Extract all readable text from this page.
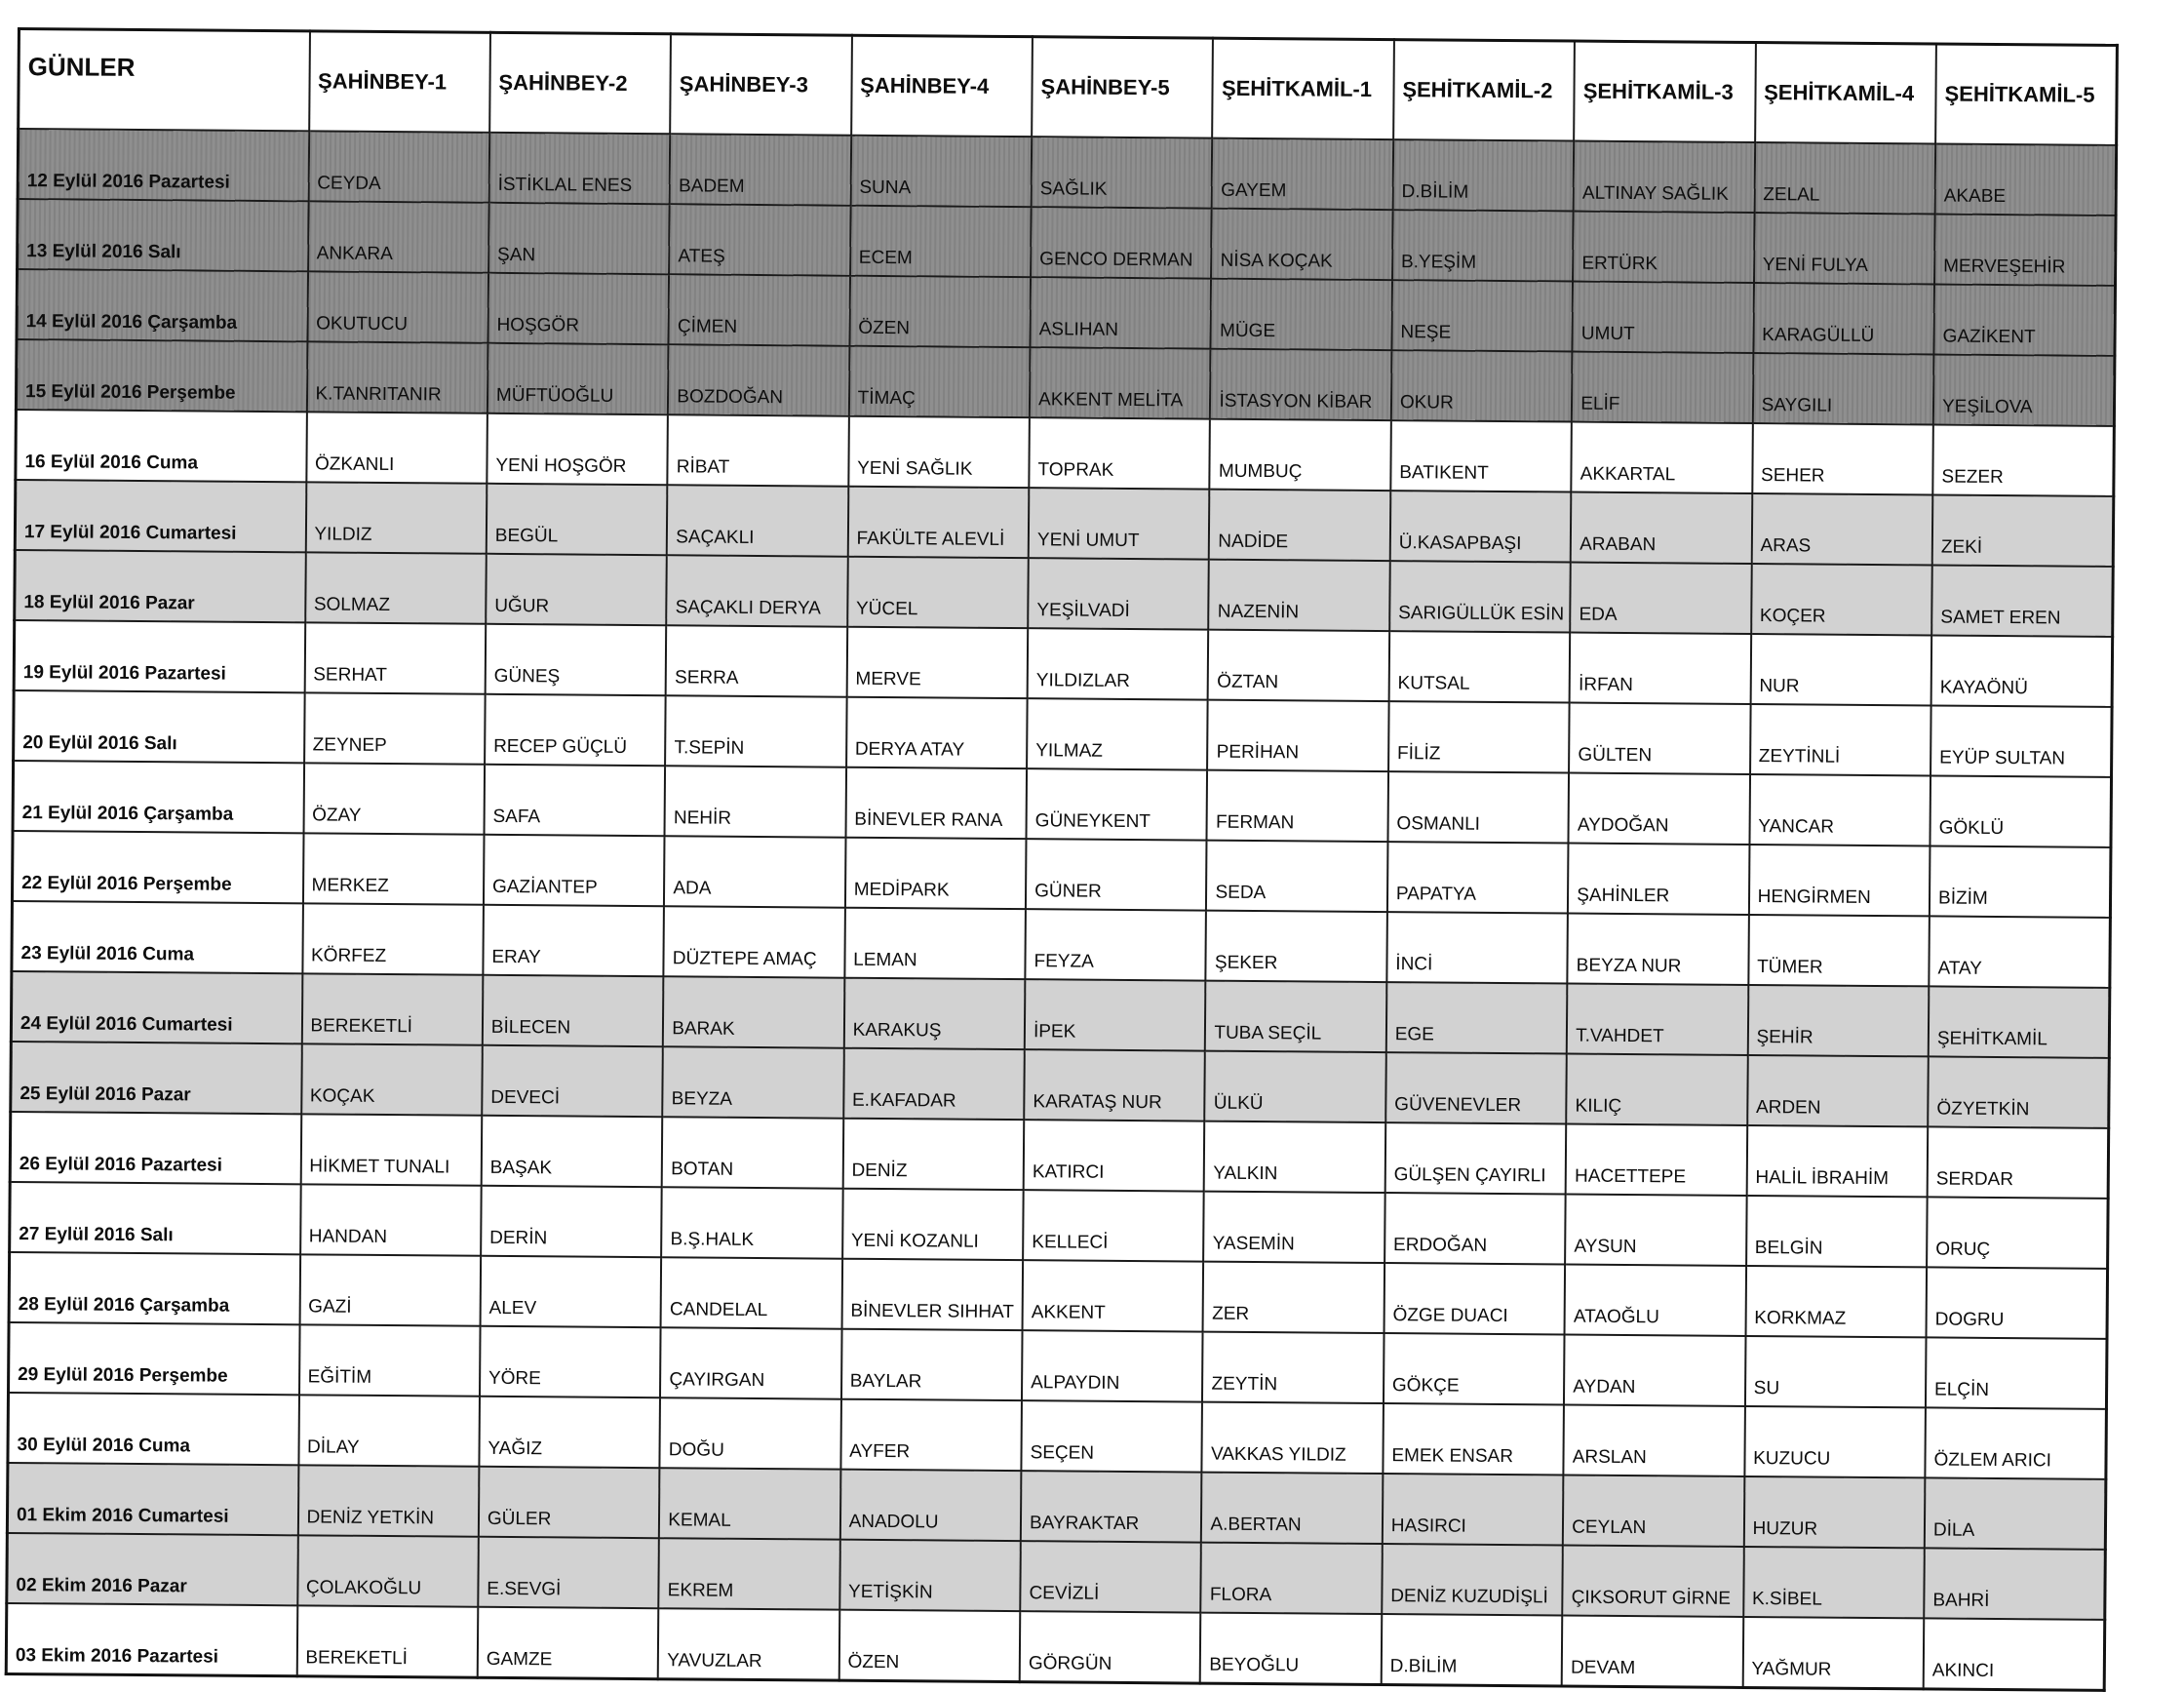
GÜNLER	ŞAHİNBEY-1	ŞAHİNBEY-2	ŞAHİNBEY-3	ŞAHİNBEY-4	ŞAHİNBEY-5	ŞEHİTKAMİL-1	ŞEHİTKAMİL-2	ŞEHİTKAMİL-3	ŞEHİTKAMİL-4	ŞEHİTKAMİL-5
12 Eylül 2016 Pazartesi	CEYDA	İSTİKLAL ENES	BADEM	SUNA	SAĞLIK	GAYEM	D.BİLİM	ALTINAY SAĞLIK	ZELAL	AKABE
13 Eylül 2016 Salı	ANKARA	ŞAN	ATEŞ	ECEM	GENCO DERMAN	NİSA KOÇAK	B.YEŞİM	ERTÜRK	YENİ FULYA	MERVEŞEHİR
14 Eylül 2016 Çarşamba	OKUTUCU	HOŞGÖR	ÇİMEN	ÖZEN	ASLIHAN	MÜGE	NEŞE	UMUT	KARAGÜLLÜ	GAZİKENT
15 Eylül 2016 Perşembe	K.TANRITANIR	MÜFTÜOĞLU	BOZDOĞAN	TİMAÇ	AKKENT MELİTA	İSTASYON KİBAR	OKUR	ELİF	SAYGILI	YEŞİLOVA
16 Eylül 2016 Cuma	ÖZKANLI	YENİ HOŞGÖR	RİBAT	YENİ SAĞLIK	TOPRAK	MUMBUÇ	BATIKENT	AKKARTAL	SEHER	SEZER
17 Eylül 2016 Cumartesi	YILDIZ	BEGÜL	SAÇAKLI	FAKÜLTE ALEVLİ	YENİ UMUT	NADİDE	Ü.KASAPBAŞI	ARABAN	ARAS	ZEKİ
18 Eylül 2016 Pazar	SOLMAZ	UĞUR	SAÇAKLI DERYA	YÜCEL	YEŞİLVADİ	NAZENİN	SARIGÜLLÜK ESİN	EDA	KOÇER	SAMET EREN
19 Eylül 2016 Pazartesi	SERHAT	GÜNEŞ	SERRA	MERVE	YILDIZLAR	ÖZTAN	KUTSAL	İRFAN	NUR	KAYAÖNÜ
20 Eylül 2016 Salı	ZEYNEP	RECEP GÜÇLÜ	T.SEPİN	DERYA ATAY	YILMAZ	PERİHAN	FİLİZ	GÜLTEN	ZEYTİNLİ	EYÜP SULTAN
21 Eylül 2016 Çarşamba	ÖZAY	SAFA	NEHİR	BİNEVLER RANA	GÜNEYKENT	FERMAN	OSMANLI	AYDOĞAN	YANCAR	GÖKLÜ
22 Eylül 2016 Perşembe	MERKEZ	GAZİANTEP	ADA	MEDİPARK	GÜNER	SEDA	PAPATYA	ŞAHİNLER	HENGİRMEN	BİZİM
23 Eylül 2016 Cuma	KÖRFEZ	ERAY	DÜZTEPE AMAÇ	LEMAN	FEYZA	ŞEKER	İNCİ	BEYZA NUR	TÜMER	ATAY
24 Eylül 2016 Cumartesi	BEREKETLİ	BİLECEN	BARAK	KARAKUŞ	İPEK	TUBA SEÇİL	EGE	T.VAHDET	ŞEHİR	ŞEHİTKAMİL
25 Eylül 2016 Pazar	KOÇAK	DEVECİ	BEYZA	E.KAFADAR	KARATAŞ NUR	ÜLKÜ	GÜVENEVLER	KILIÇ	ARDEN	ÖZYETKİN
26 Eylül 2016 Pazartesi	HİKMET TUNALI	BAŞAK	BOTAN	DENİZ	KATIRCI	YALKIN	GÜLŞEN ÇAYIRLI	HACETTEPE	HALİL İBRAHİM	SERDAR
27 Eylül 2016 Salı	HANDAN	DERİN	B.Ş.HALK	YENİ KOZANLI	KELLECİ	YASEMİN	ERDOĞAN	AYSUN	BELGİN	ORUÇ
28 Eylül 2016 Çarşamba	GAZİ	ALEV	CANDELAL	BİNEVLER SIHHAT	AKKENT	ZER	ÖZGE DUACI	ATAOĞLU	KORKMAZ	DOGRU
29 Eylül 2016 Perşembe	EĞİTİM	YÖRE	ÇAYIRGAN	BAYLAR	ALPAYDIN	ZEYTİN	GÖKÇE	AYDAN	SU	ELÇİN
30 Eylül 2016 Cuma	DİLAY	YAĞIZ	DOĞU	AYFER	SEÇEN	VAKKAS YILDIZ	EMEK ENSAR	ARSLAN	KUZUCU	ÖZLEM ARICI
01 Ekim 2016 Cumartesi	DENİZ YETKİN	GÜLER	KEMAL	ANADOLU	BAYRAKTAR	A.BERTAN	HASIRCI	CEYLAN	HUZUR	DİLA
02 Ekim 2016 Pazar	ÇOLAKOĞLU	E.SEVGİ	EKREM	YETİŞKİN	CEVİZLİ	FLORA	DENİZ KUZUDİŞLİ	ÇIKSORUT GİRNE	K.SİBEL	BAHRİ
03 Ekim 2016 Pazartesi	BEREKETLİ	GAMZE	YAVUZLAR	ÖZEN	GÖRGÜN	BEYOĞLU	D.BİLİM	DEVAM	YAĞMUR	AKINCI
